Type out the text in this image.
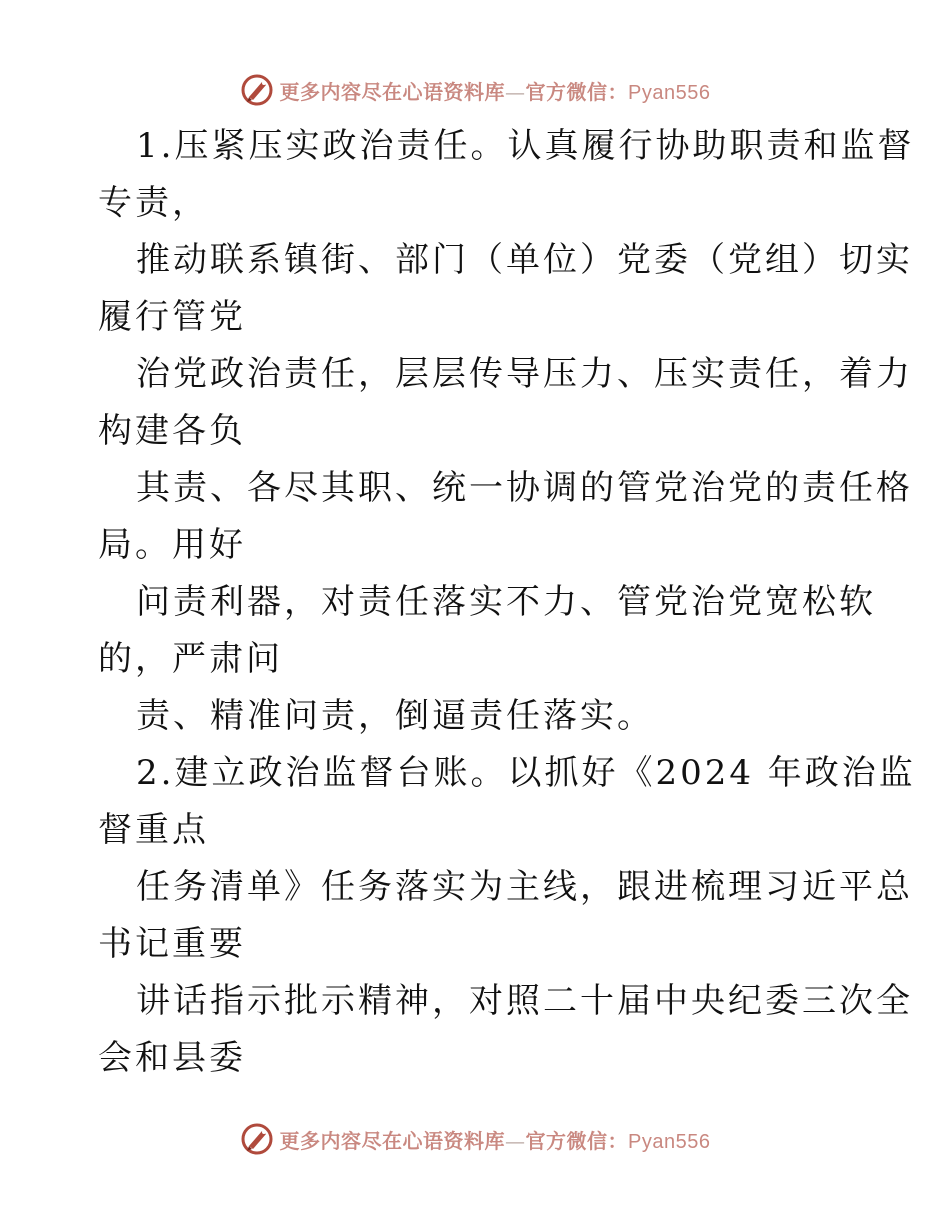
更多内容尽在心语资料库—官方微信：Pyan556
1.压紧压实政治责任。认真履行协助职责和监督
专责，
推动联系镇街、部门（单位）党委（党组）切实
履行管党
治党政治责任，层层传导压力、压实责任，着力
构建各负
其责、各尽其职、统一协调的管党治党的责任格
局。用好
问责利器，对责任落实不力、管党治党宽松软
的，严肃问
责、精准问责，倒逼责任落实。
2.建立政治监督台账。以抓好《2024 年政治监
督重点
任务清单》任务落实为主线，跟进梳理习近平总
书记重要
讲话指示批示精神，对照二十届中央纪委三次全
会和县委
更多内容尽在心语资料库—官方微信：Pyan556
